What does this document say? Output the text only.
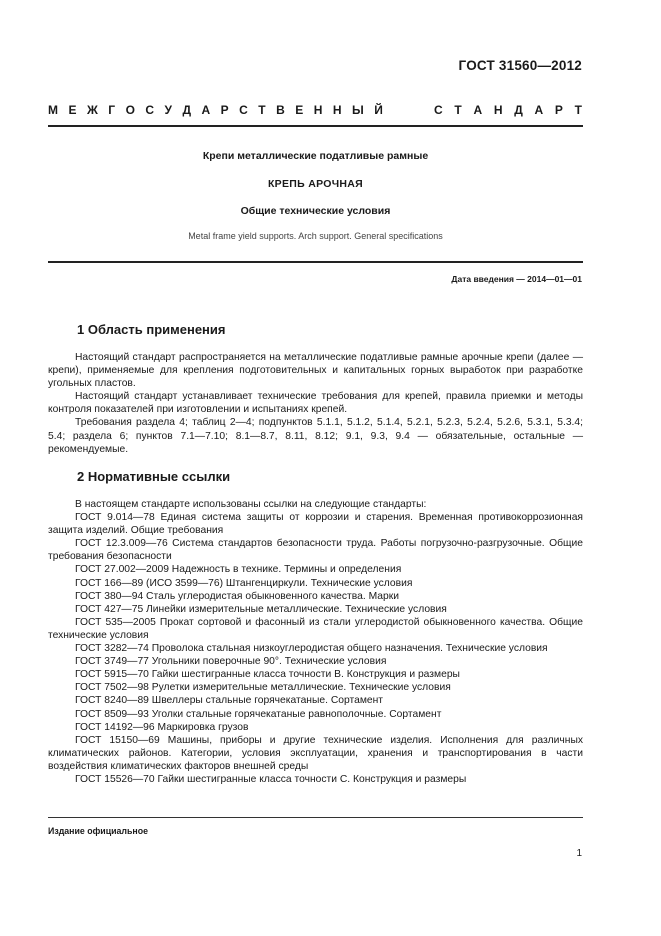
ГОСТ 31560—2012
М Е Ж Г О С У Д А Р С Т В Е Н Н Ы Й	С Т А Н Д А Р Т
Крепи металлические податливые рамные
КРЕПЬ АРОЧНАЯ
Общие технические условия
Metal frame yield supports. Arch support. General specifications
Дата введения — 2014—01—01
1 Область применения

Настоящий стандарт распространяется на металлические податливые рамные арочные крепи (далее — крепи), применяемые для крепления подготовительных и капитальных горных выработок при разработке угольных пластов.

Настоящий стандарт устанавливает технические требования для крепей, правила приемки и методы контроля показателей при изготовлении и испытаниях крепей.

Требования раздела 4; таблиц 2—4; подпунктов 5.1.1, 5.1.2, 5.1.4, 5.2.1, 5.2.3, 5.2.4, 5.2.6, 5.3.1, 5.3.4; 5.4; раздела 6; пунктов 7.1—7.10; 8.1—8.7, 8.11, 8.12; 9.1, 9.3, 9.4 — обязательные, остальные — рекомендуемые.

2 Нормативные ссылки

В настоящем стандарте использованы ссылки на следующие стандарты:

ГОСТ 9.014—78 Единая система защиты от коррозии и старения. Временная противокоррозионная защита изделий. Общие требования

ГОСТ 12.3.009—76 Система стандартов безопасности труда. Работы погрузочно-разгрузочные. Общие требования безопасности

ГОСТ 27.002—2009 Надежность в технике. Термины и определения

ГОСТ 166—89 (ИСО 3599—76) Штангенциркули. Технические условия

ГОСТ 380—94 Сталь углеродистая обыкновенного качества. Марки

ГОСТ 427—75 Линейки измерительные металлические. Технические условия

ГОСТ 535—2005 Прокат сортовой и фасонный из стали углеродистой обыкновенного качества. Общие технические условия

ГОСТ 3282—74 Проволока стальная низкоуглеродистая общего назначения. Технические условия

ГОСТ 3749—77 Угольники поверочные 90°. Технические условия

ГОСТ 5915—70 Гайки шестигранные класса точности В. Конструкция и размеры

ГОСТ 7502—98 Рулетки измерительные металлические. Технические условия

ГОСТ 8240—89 Швеллеры стальные горячекатаные. Сортамент

ГОСТ 8509—93 Уголки стальные горячекатаные равнополочные. Сортамент

ГОСТ 14192—96 Маркировка грузов

ГОСТ 15150—69 Машины, приборы и другие технические изделия. Исполнения для различных климатических районов. Категории, условия эксплуатации, хранения и транспортирования в части воздействия климатических факторов внешней среды

ГОСТ 15526—70 Гайки шестигранные класса точности С. Конструкция и размеры

Издание официальное
1
